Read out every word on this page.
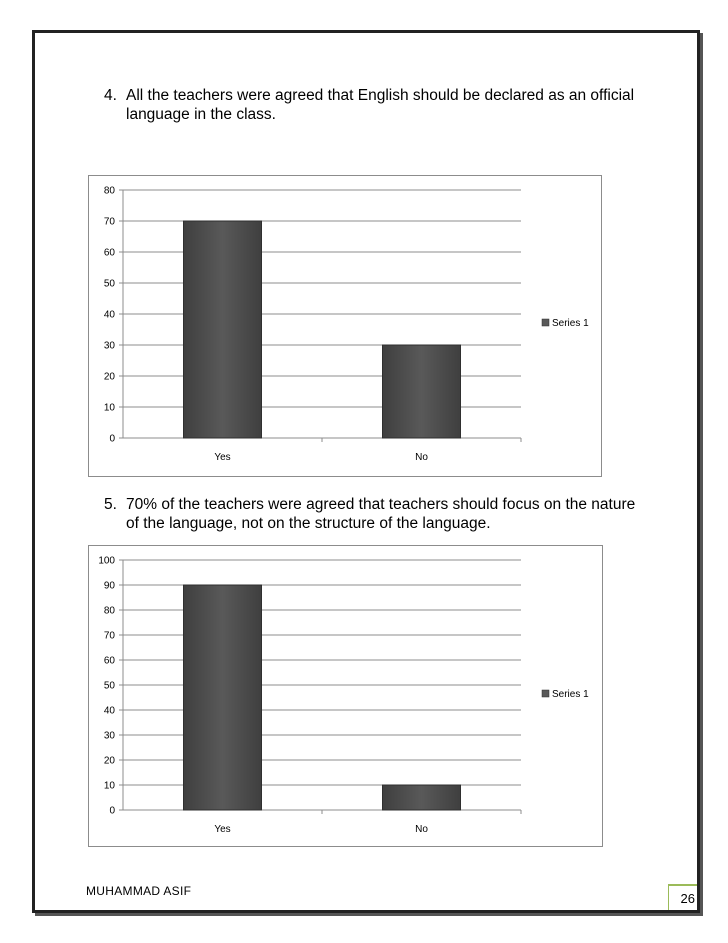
4. All the teachers were agreed that English should be declared as an official language in the class.
0
10
20
30
40
50
60
70
80
Yes	No
Series 1
5. 70% of the teachers were agreed that teachers should focus on the nature of the language, not on the structure of the language.
0
10
20
30
40
50
60
70
80
90
100
Yes	No
Series 1
MUHAMMAD ASIF	26
